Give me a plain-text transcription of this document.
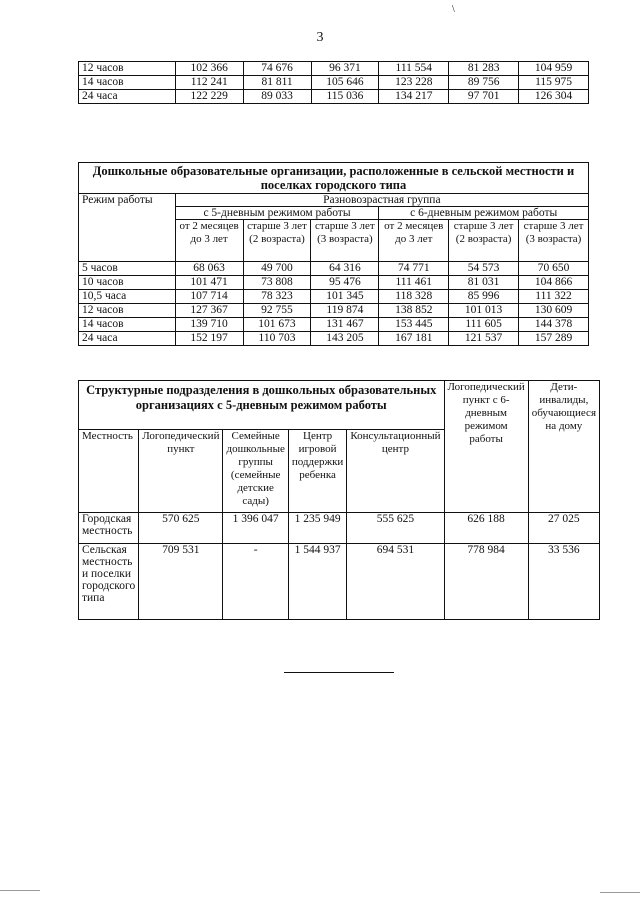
\
3
12 часов	102 366	74 676	96 371	111 554	81 283	104 959
14 часов	112 241	81 811	105 646	123 228	89 756	115 975
24 часа	122 229	89 033	115 036	134 217	97 701	126 304
Дошкольные образовательные организации, расположенные в сельской местности и поселках городского типа						
Режим работы	Разновозрастная группа					
	с 5-дневным режимом работы			с 6-дневным режимом работы		
	от 2 месяцев до 3 лет	старше 3 лет (2 возраста)	старше 3 лет (3 возраста)	от 2 месяцев до 3 лет	старше 3 лет (2 возраста)	старше 3 лет (3 возраста)
5 часов	68 063	49 700	64 316	74 771	54 573	70 650
10 часов	101 471	73 808	95 476	111 461	81 031	104 866
10,5 часа	107 714	78 323	101 345	118 328	85 996	111 322
12 часов	127 367	92 755	119 874	138 852	101 013	130 609
14 часов	139 710	101 673	131 467	153 445	111 605	144 378
24 часа	152 197	110 703	143 205	167 181	121 537	157 289
Структурные подразделения в дошкольных образовательных организациях с 5-дневным режимом работы					Логопедический пункт с 6-дневным режимом работы	Дети-инвалиды, обучающиеся на дому
Местность	Логопедический пункт	Семейные дошкольные группы (семейные детские сады)	Центр игровой поддержки ребенка	Консультационный центр		
Городская местность	570 625	1 396 047	1 235 949	555 625	626 188	27 025
Сельская местность и поселки городского типа	709 531	-	1 544 937	694 531	778 984	33 536
